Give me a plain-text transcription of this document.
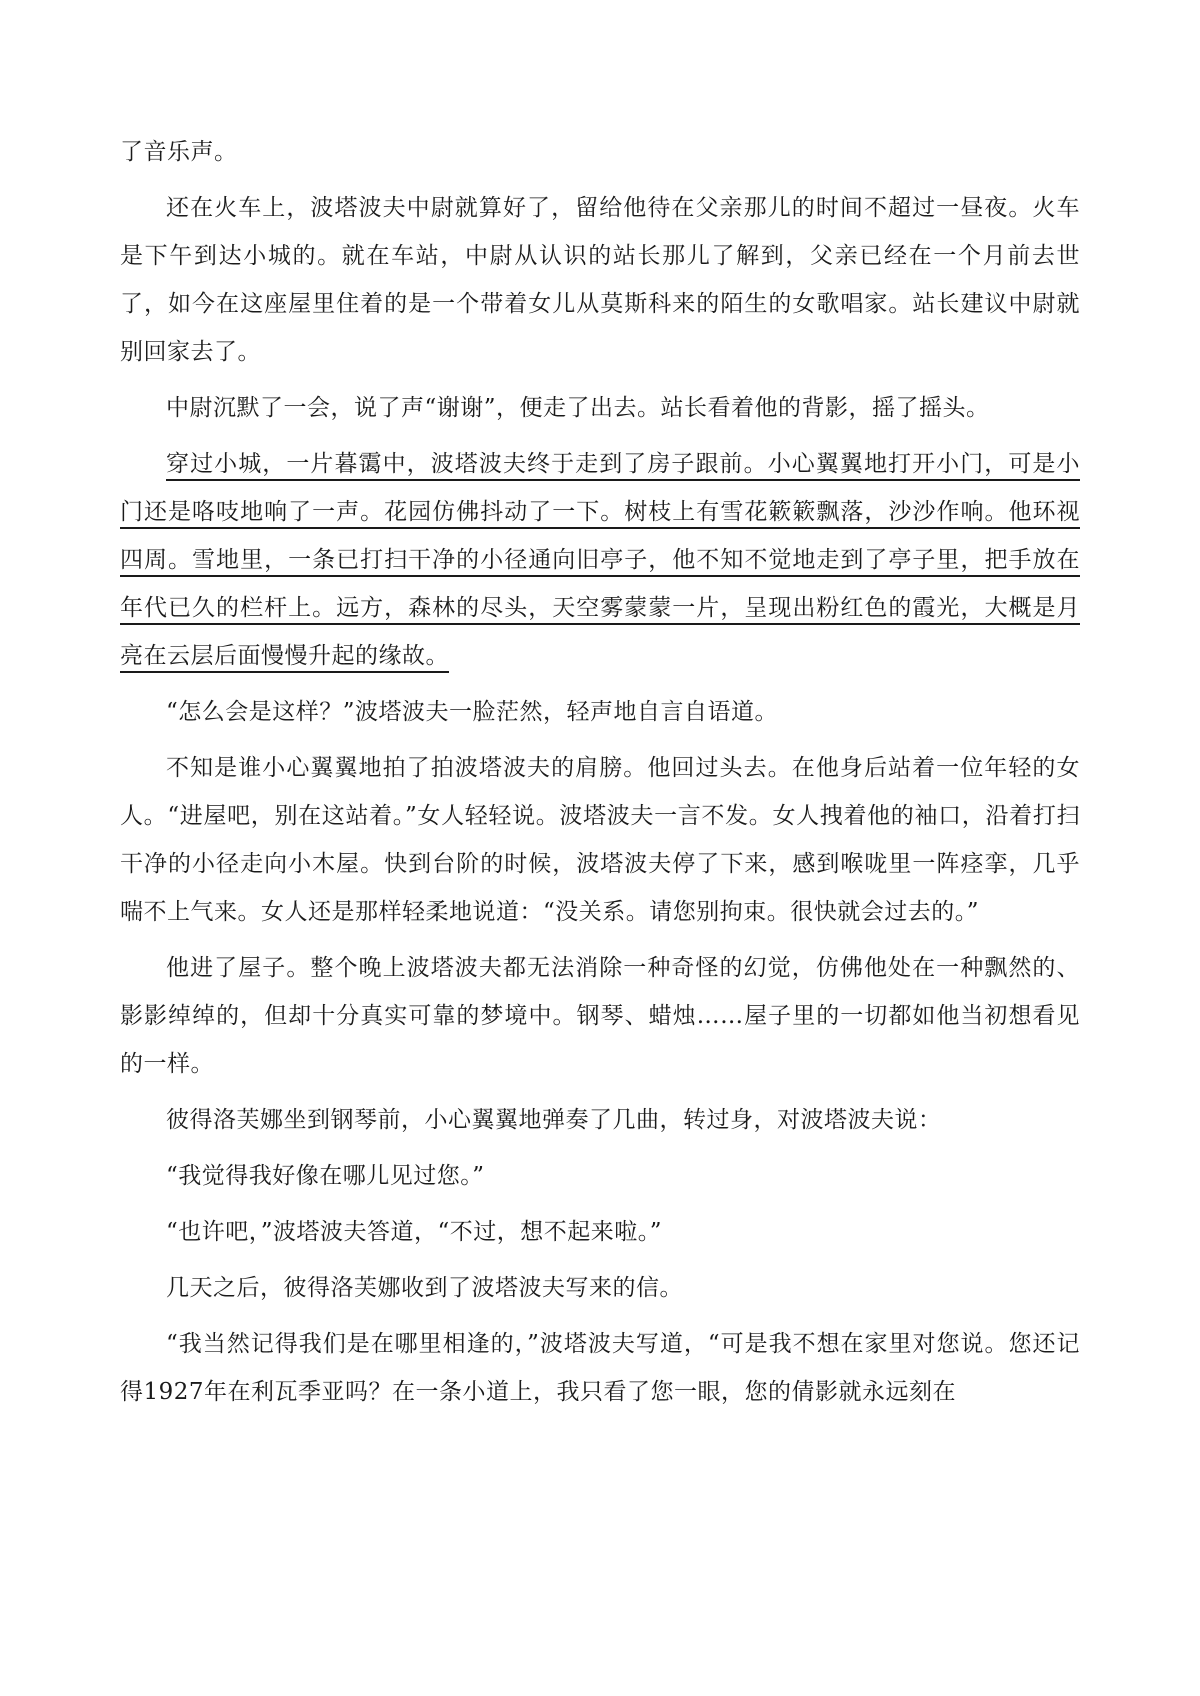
了音乐声。

还在火车上，波塔波夫中尉就算好了，留给他待在父亲那儿的时间不超过一昼夜。火车是下午到达小城的。就在车站，中尉从认识的站长那儿了解到，父亲已经在一个月前去世了，如今在这座屋里住着的是一个带着女儿从莫斯科来的陌生的女歌唱家。站长建议中尉就别回家去了。

中尉沉默了一会，说了声“谢谢”，便走了出去。站长看着他的背影，摇了摇头。

穿过小城，一片暮霭中，波塔波夫终于走到了房子跟前。小心翼翼地打开小门，可是小门还是咯吱地响了一声。花园仿佛抖动了一下。树枝上有雪花簌簌飘落，沙沙作响。他环视四周。雪地里，一条已打扫干净的小径通向旧亭子，他不知不觉地走到了亭子里，把手放在年代已久的栏杆上。远方，森林的尽头，天空雾蒙蒙一片，呈现出粉红色的霞光，大概是月亮在云层后面慢慢升起的缘故。

“怎么会是这样？”波塔波夫一脸茫然，轻声地自言自语道。

不知是谁小心翼翼地拍了拍波塔波夫的肩膀。他回过头去。在他身后站着一位年轻的女人。“进屋吧，别在这站着。”女人轻轻说。波塔波夫一言不发。女人拽着他的袖口，沿着打扫干净的小径走向小木屋。快到台阶的时候，波塔波夫停了下来，感到喉咙里一阵痉挛，几乎喘不上气来。女人还是那样轻柔地说道：“没关系。请您别拘束。很快就会过去的。”

他进了屋子。整个晚上波塔波夫都无法消除一种奇怪的幻觉，仿佛他处在一种飘然的、影影绰绰的，但却十分真实可靠的梦境中。钢琴、蜡烛……屋子里的一切都如他当初想看见的一样。

彼得洛芙娜坐到钢琴前，小心翼翼地弹奏了几曲，转过身，对波塔波夫说：

“我觉得我好像在哪儿见过您。”

“也许吧，”波塔波夫答道，“不过，想不起来啦。”

几天之后，彼得洛芙娜收到了波塔波夫写来的信。

“我当然记得我们是在哪里相逢的，”波塔波夫写道，“可是我不想在家里对您说。您还记得1927年在利瓦季亚吗？在一条小道上，我只看了您一眼，您的倩影就永远刻在
